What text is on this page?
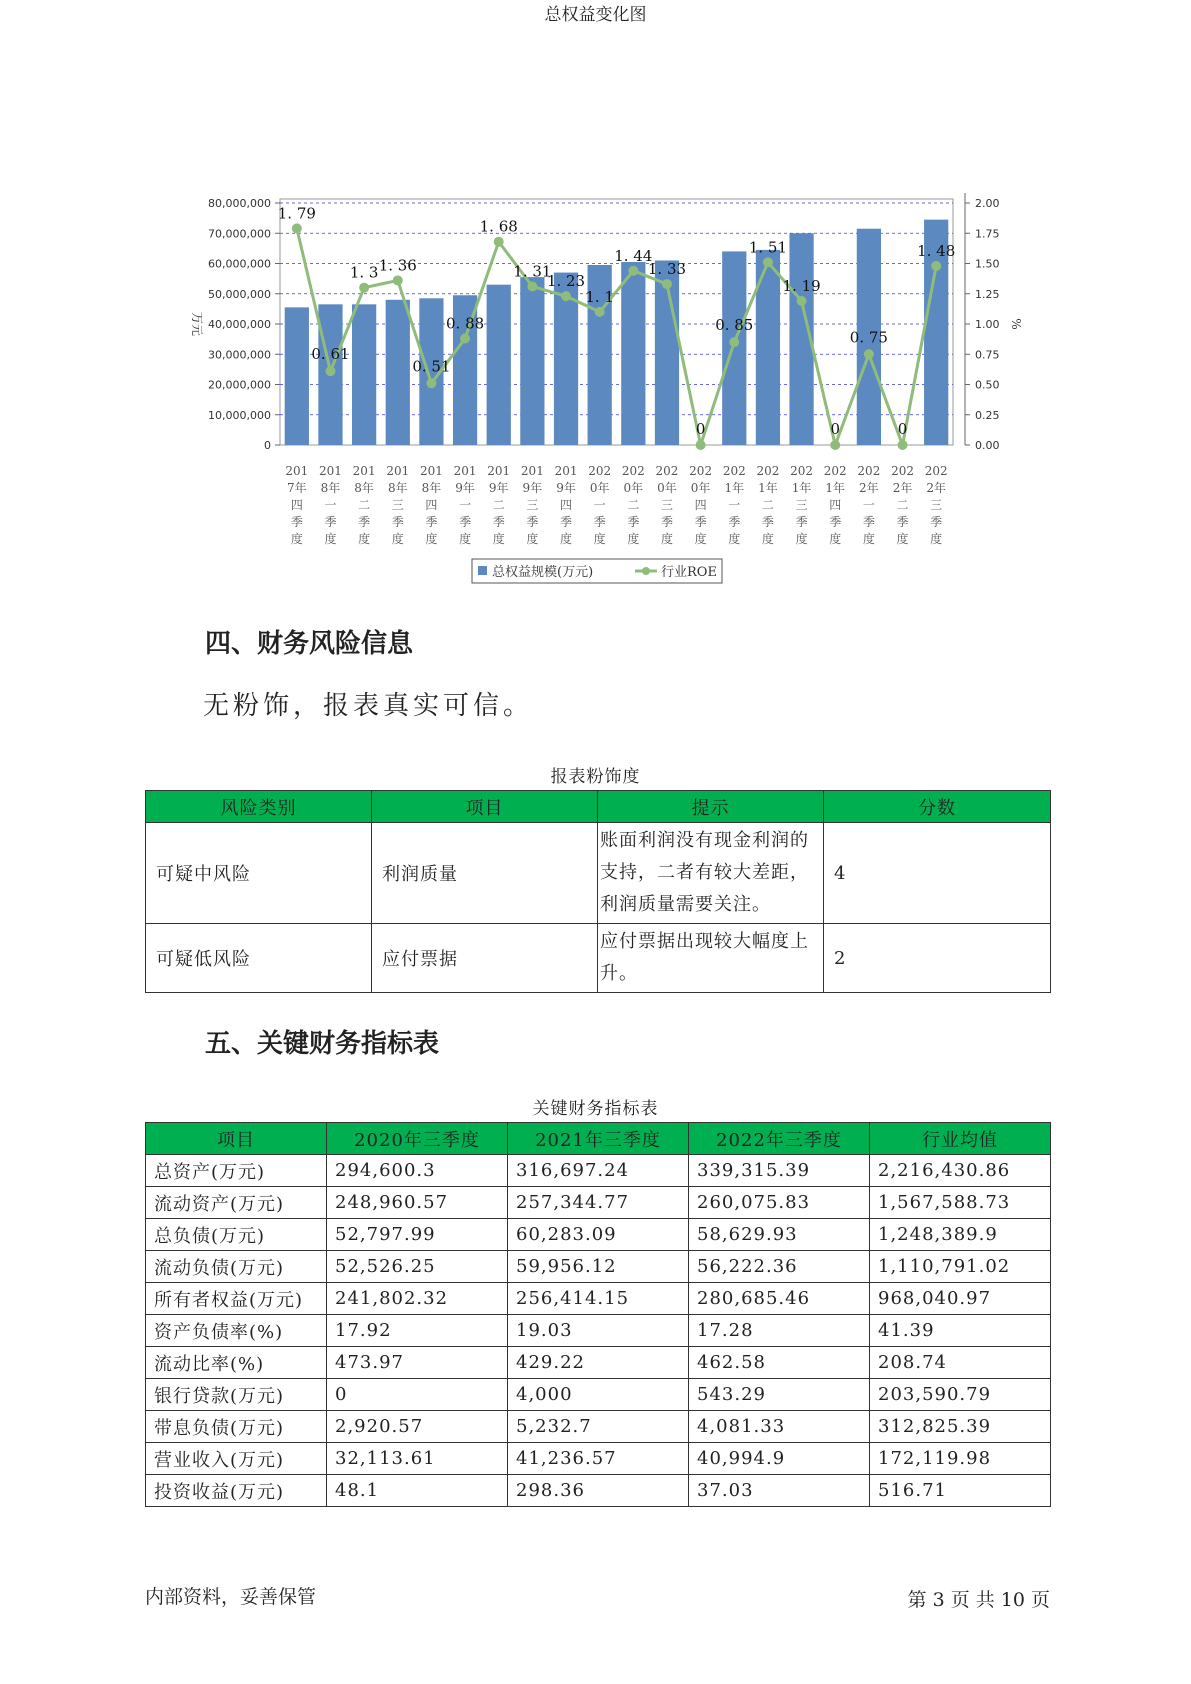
总权益变化图
0
10,000,000
20,000,000
30,000,000
40,000,000
50,000,000
60,000,000
70,000,000
80,000,000
0.00
0.25
0.50
0.75
1.00
1.25
1.50
1.75
2.00
万元	%
1. 79
0. 61
1. 3 1. 36
0. 51
0. 88
1. 68
1. 31
1. 23
1. 1
1. 44
1. 33
0
0. 85
1. 51
1. 19
0
0. 75
0
1. 48
201
7年
四
季
度
201
8年
一
季
度
201
8年
二
季
度
201
8年
三
季
度
201
8年
四
季
度
201
9年
一
季
度
201
9年
二
季
度
201
9年
三
季
度
201
9年
四
季
度
202
0年
一
季
度
202
0年
二
季
度
202
0年
三
季
度
202
0年
四
季
度
202
1年
一
季
度
202
1年
二
季
度
202
1年
三
季
度
202
1年
四
季
度
202
2年
一
季
度
202
2年
二
季
度
202
2年
三
季
度
总权益规模(万元)	行业ROE
四、财务风险信息
无粉饰，报表真实可信。
报表粉饰度
风险类别	项目	提示	分数
可疑中风险	利润质量	账面利润没有现金利润的支持，二者有较大差距，利润质量需要关注。	4
可疑低风险	应付票据	应付票据出现较大幅度上升。	2
五、关键财务指标表
关键财务指标表
项目	2020年三季度	2021年三季度	2022年三季度	行业均值
总资产(万元)	294,600.3	316,697.24	339,315.39	2,216,430.86
流动资产(万元)	248,960.57	257,344.77	260,075.83	1,567,588.73
总负债(万元)	52,797.99	60,283.09	58,629.93	1,248,389.9
流动负债(万元)	52,526.25	59,956.12	56,222.36	1,110,791.02
所有者权益(万元)	241,802.32	256,414.15	280,685.46	968,040.97
资产负债率(%)	17.92	19.03	17.28	41.39
流动比率(%)	473.97	429.22	462.58	208.74
银行贷款(万元)	0	4,000	543.29	203,590.79
带息负债(万元)	2,920.57	5,232.7	4,081.33	312,825.39
营业收入(万元)	32,113.61	41,236.57	40,994.9	172,119.98
投资收益(万元)	48.1	298.36	37.03	516.71
内部资料，妥善保管	第 3 页 共 10 页
